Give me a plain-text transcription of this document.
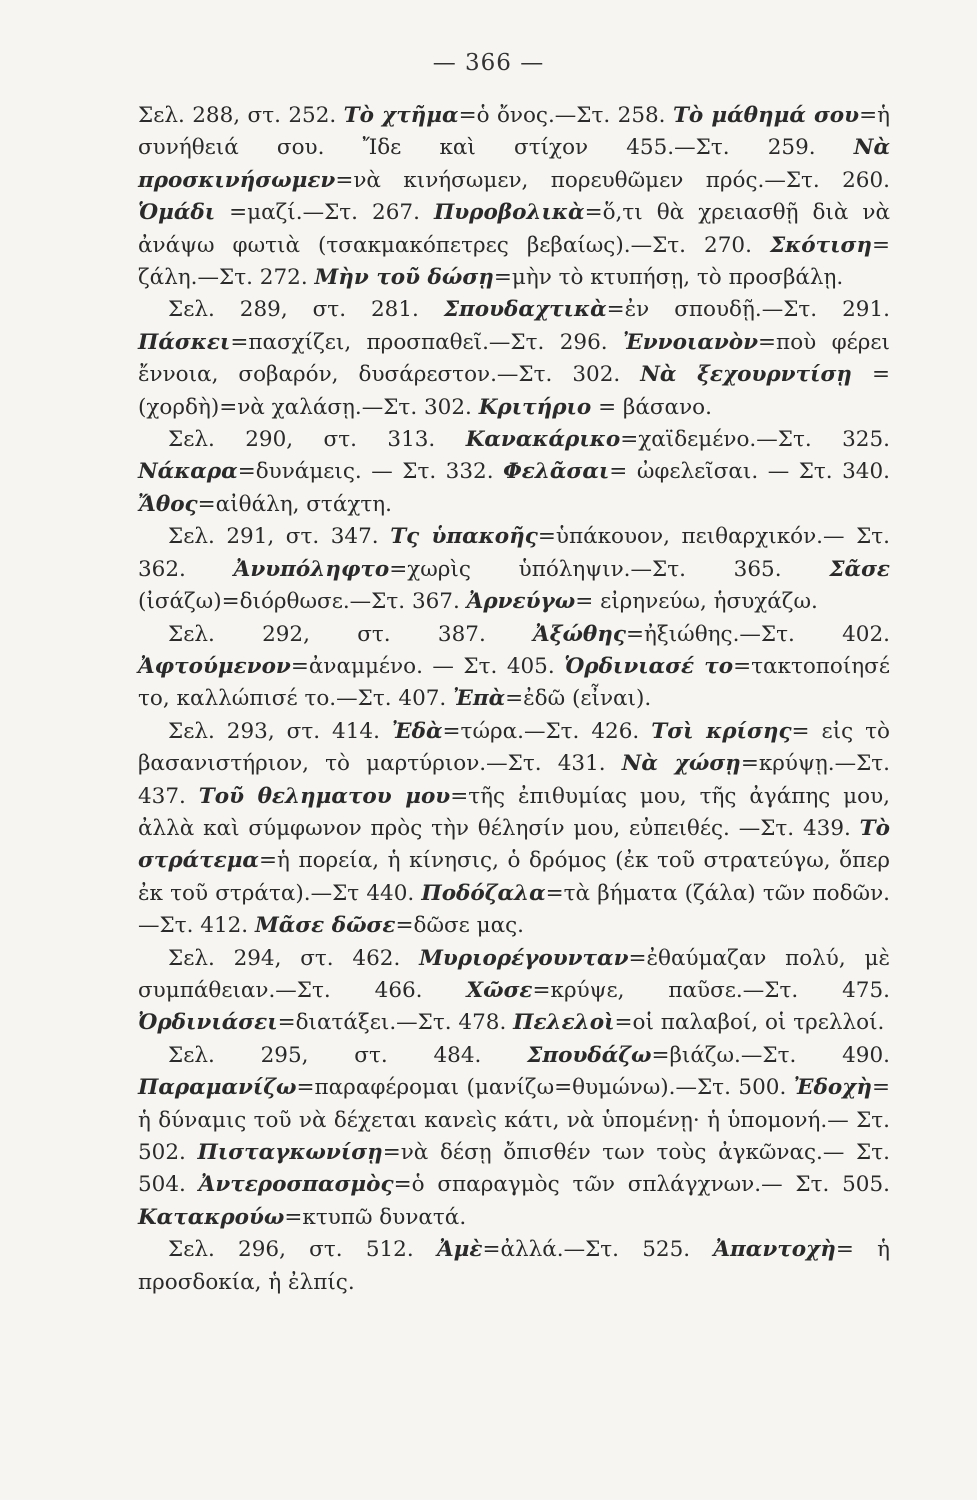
— 366 —

Σελ. 288, στ. 252. Τὸ χτῆμα=ὁ ὄνος.—Στ. 258. Τὸ μάθημά σου=ἡ συνήθειά σου. Ἴδε καὶ στίχον 455.—Στ. 259. Νὰ προσκινήσωμεν=νὰ κινήσωμεν, πορευθῶμεν πρός.—Στ. 260. Ὁμάδι =μαζί.—Στ. 267. Πυροβολικὰ=ὅ,τι θὰ χρειασθῇ διὰ νὰ ἀνάψω φωτιὰ (τσακμακόπετρες βεβαίως).—Στ. 270. Σκότιση= ζάλη.—Στ. 272. Μὴν τοῦ δώσῃ=μὴν τὸ κτυπήσῃ, τὸ προσβάλῃ.

Σελ. 289, στ. 281. Σπουδαχτικὰ=ἐν σπουδῇ.—Στ. 291. Πάσκει=πασχίζει, προσπαθεῖ.—Στ. 296. Ἐννοιανὸν=ποὺ φέρει ἔννοια, σοβαρόν, δυσάρεστον.—Στ. 302. Νὰ ξεχουρντίσῃ =(χορδὴ)=νὰ χαλάσῃ.—Στ. 302. Κριτήριο = βάσανο.

Σελ. 290, στ. 313. Κανακάρικο=χαϊδεμένο.—Στ. 325. Νάκαρα=δυνάμεις. — Στ. 332. Φελᾶσαι= ὠφελεῖσαι. — Στ. 340. Ἄθος=αἰθάλη, στάχτη.

Σελ. 291, στ. 347. Τς ὑπακοῆς=ὑπάκουον, πειθαρχικόν.— Στ. 362. Ἀνυπόληφτο=χωρὶς ὑπόληψιν.—Στ. 365. Σᾶσε (ἰσάζω)=διόρθωσε.—Στ. 367. Ἀρνεύγω= εἰρηνεύω, ἡσυχάζω.

Σελ. 292, στ. 387. Ἀξώθης=ἠξιώθης.—Στ. 402. Ἀφτούμενον=ἀναμμένο. — Στ. 405. Ὁρδινιασέ το=τακτοποίησέ το, καλλώπισέ το.—Στ. 407. Ἐπὰ=ἐδῶ (εἶναι).

Σελ. 293, στ. 414. Ἐδὰ=τώρα.—Στ. 426. Τσὶ κρίσης= εἰς τὸ βασανιστήριον, τὸ μαρτύριον.—Στ. 431. Νὰ χώσῃ=κρύψῃ.—Στ. 437. Τοῦ θεληματου μου=τῆς ἐπιθυμίας μου, τῆς ἀγάπης μου, ἀλλὰ καὶ σύμφωνον πρὸς τὴν θέλησίν μου, εὐπειθές. —Στ. 439. Τὸ στράτεμα=ἡ πορεία, ἡ κίνησις, ὁ δρόμος (ἐκ τοῦ στρατεύγω, ὅπερ ἐκ τοῦ στράτα).—Στ 440. Ποδόζαλα=τὰ βήματα (ζάλα) τῶν ποδῶν.—Στ. 412. Μᾶσε δῶσε=δῶσε μας.

Σελ. 294, στ. 462. Μυριορέγουνταν=ἐθαύμαζαν πολύ, μὲ συμπάθειαν.—Στ. 466. Χῶσε=κρύψε, παῦσε.—Στ. 475. Ὀρδινιάσει=διατάξει.—Στ. 478. Πελελοὶ=οἱ παλαβοί, οἱ τρελλοί.

Σελ. 295, στ. 484. Σπουδάζω=βιάζω.—Στ. 490. Παραμανίζω=παραφέρομαι (μανίζω=θυμώνω).—Στ. 500. Ἐδοχὴ= ἡ δύναμις τοῦ νὰ δέχεται κανεὶς κάτι, νὰ ὑπομένῃ· ἡ ὑπομονή.— Στ. 502. Πισταγκωνίσῃ=νὰ δέσῃ ὄπισθέν των τοὺς ἀγκῶνας.— Στ. 504. Ἀντεροσπασμὸς=ὁ σπαραγμὸς τῶν σπλάγχνων.— Στ. 505. Κατακρούω=κτυπῶ δυνατά.

Σελ. 296, στ. 512. Ἀμὲ=ἀλλά.—Στ. 525. Ἀπαντοχὴ= ἡ προσδοκία, ἡ ἐλπίς.
